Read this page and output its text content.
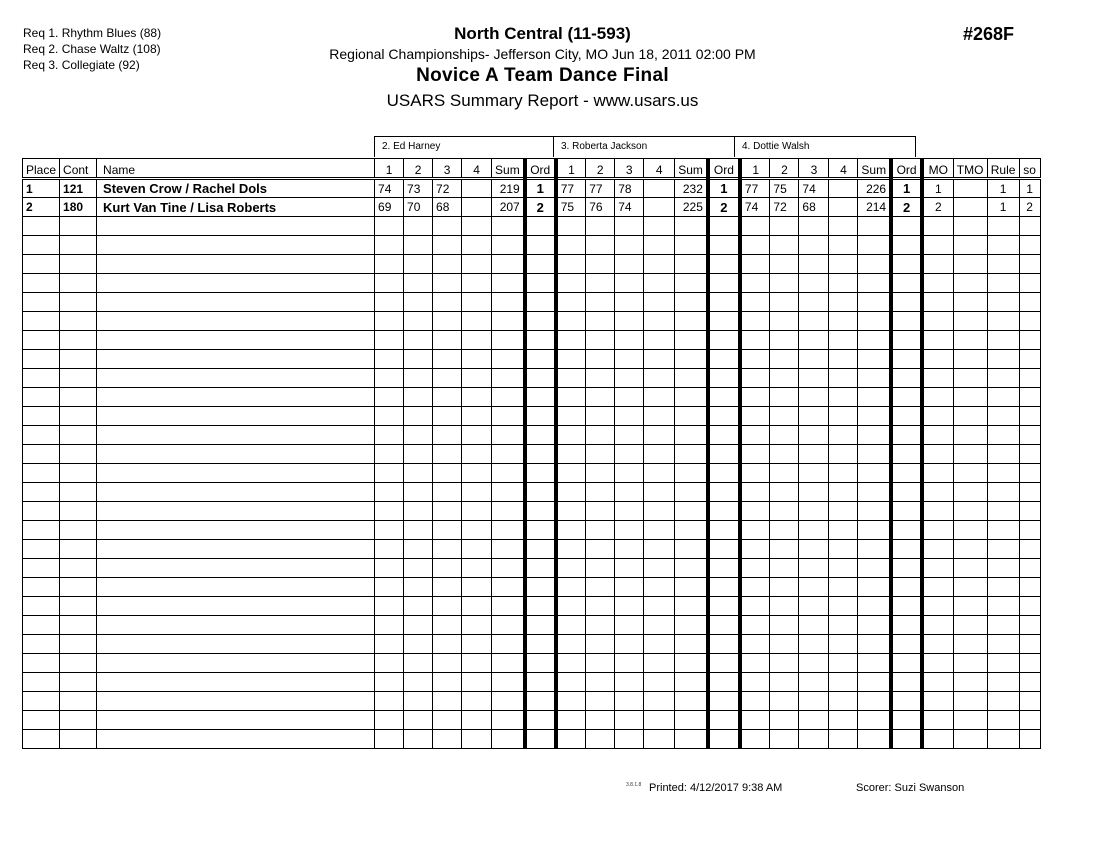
Req 1. Rhythm Blues (88)
Req 2. Chase Waltz (108)
Req 3. Collegiate (92)
North Central (11-593)
Regional Championships- Jefferson City, MO Jun 18, 2011 02:00 PM
Novice A Team Dance Final
USARS Summary Report - www.usars.us
#268F
2. Ed Harney	3. Roberta Jackson	4. Dottie Walsh
Place	Cont	Name	1	2	3	4	Sum	Ord	1	2	3	4	Sum	Ord	1	2	3	4	Sum	Ord	MO	TMO	Rule	so
1	121	Steven Crow / Rachel Dols	74	73	72		219	1	77	77	78		232	1	77	75	74		226	1	1		1	1
2	180	Kurt Van Tine / Lisa Roberts	69	70	68		207	2	75	76	74		225	2	74	72	68		214	2	2		1	2

3.8.1.8 Printed: 4/12/2017 9:38 AM	Scorer: Suzi Swanson
